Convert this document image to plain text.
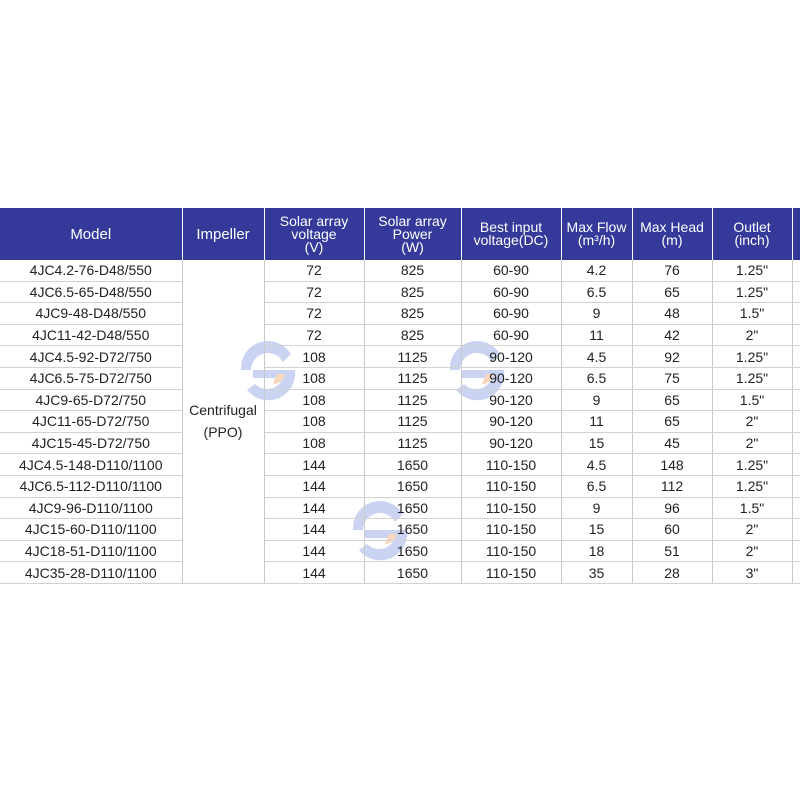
Model	Impeller	Solar array
voltage
(V)	Solar array
Power
(W)	Best input
voltage(DC)	Max Flow
(m³/h)	Max Head
(m)	Outlet
(inch)	
4JC4.2-76-D48/550	Centrifugal
(PPO)	72	825	60-90	4.2	76	1.25"	
4JC6.5-65-D48/550		72	825	60-90	6.5	65	1.25"	
4JC9-48-D48/550		72	825	60-90	9	48	1.5"	
4JC11-42-D48/550		72	825	60-90	11	42	2"	
4JC4.5-92-D72/750		108	1125	90-120	4.5	92	1.25"	
4JC6.5-75-D72/750		108	1125	90-120	6.5	75	1.25"	
4JC9-65-D72/750		108	1125	90-120	9	65	1.5"	
4JC11-65-D72/750		108	1125	90-120	11	65	2"	
4JC15-45-D72/750		108	1125	90-120	15	45	2"	
4JC4.5-148-D110/1100		144	1650	110-150	4.5	148	1.25"	
4JC6.5-112-D110/1100		144	1650	110-150	6.5	112	1.25"	
4JC9-96-D110/1100		144	1650	110-150	9	96	1.5"	
4JC15-60-D110/1100		144	1650	110-150	15	60	2"	
4JC18-51-D110/1100		144	1650	110-150	18	51	2"	
4JC35-28-D110/1100		144	1650	110-150	35	28	3"	
